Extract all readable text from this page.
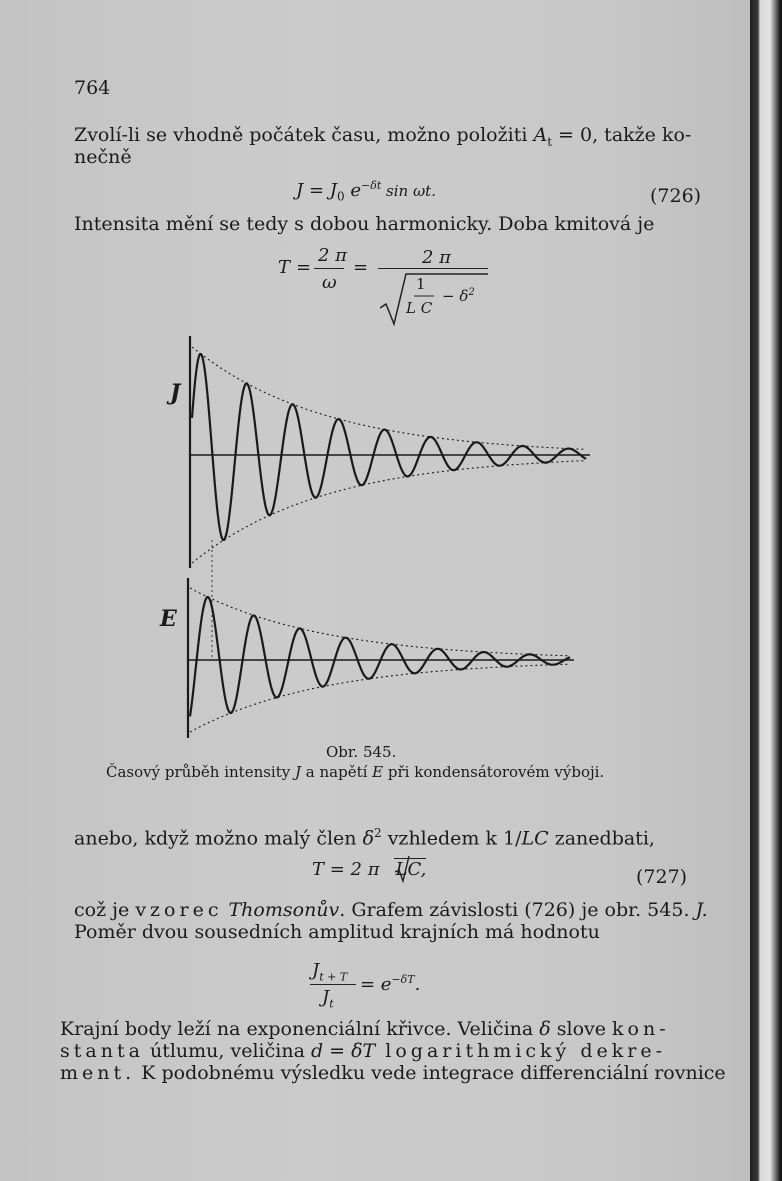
764
Zvolí-li se vhodně počátek času, možno položiti $A_t = 0$, takže ko-
nečně
$J = J_0$ $e^{-\delta t}$ sin ωt.	(726)
Intensita mění se tedy s dobou harmonicky. Doba kmitová je
T =
2 π
ω
=	2 π
1
L C
− $\delta^2$
J
E
Obr. 545.
Časový průběh intensity J a napětí E při kondensátorovém výboji.
anebo, když možno malý člen $\delta^2$ vzhledem k 1/LC zanedbati,
T = 2 π LC,	(727)
což je vzorec Thomsonův. Grafem závislosti (726) je obr. 545. J.
Poměr dvou sousedních amplitud krajních má hodnotu
$J_{t + T}$
$J_t$
= $e^{-\delta T}$.
Krajní body leží na exponenciální křivce. Veličina δ slove kon-
stanta útlumu, veličina d = δT logarithmický dekre-
ment. K podobnému výsledku vede integrace differenciální rovnice
